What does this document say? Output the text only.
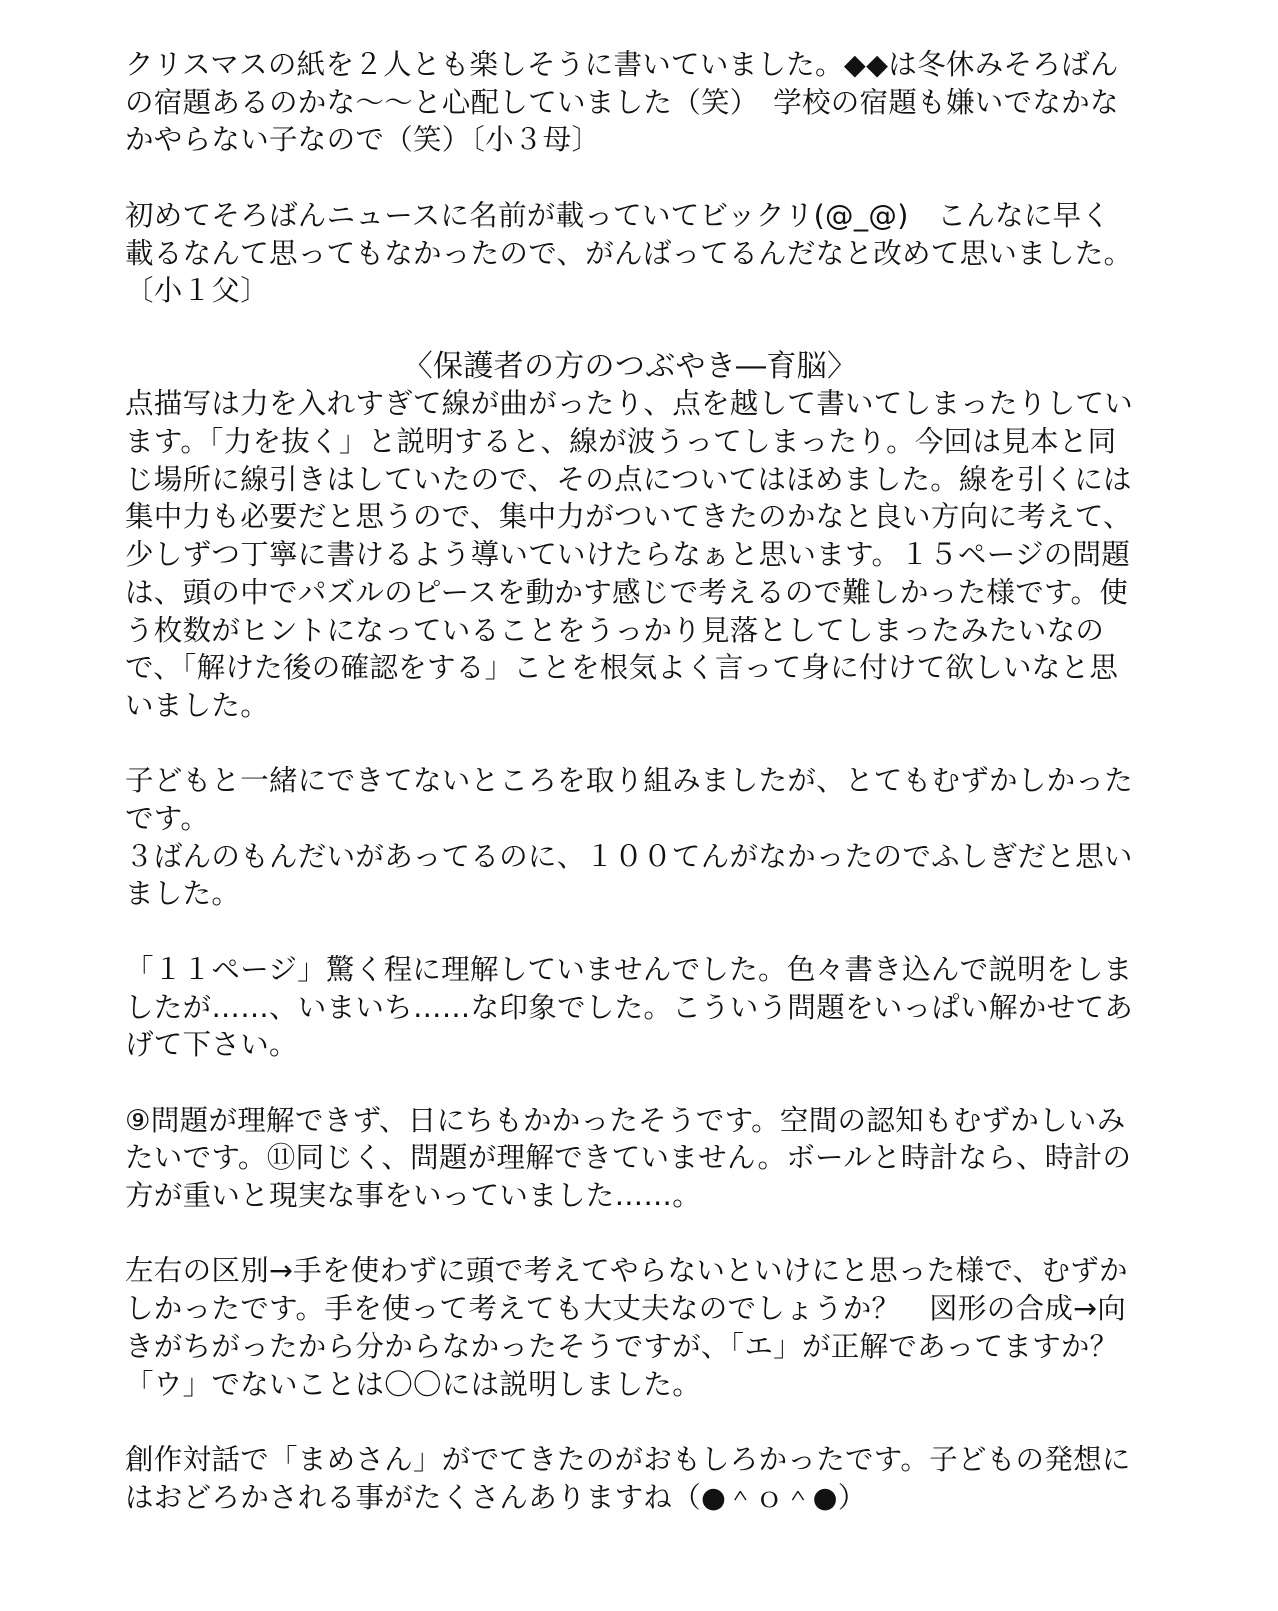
クリスマスの紙を２人とも楽しそうに書いていました。◆◆は冬休みそろばんの宿題あるのかな〜〜と心配していました（笑）　学校の宿題も嫌いでなかなかやらない子なので（笑）〔小３母〕

初めてそろばんニュースに名前が載っていてビックリ(@_@)　こんなに早く載るなんて思ってもなかったので、がんばってるんだなと改めて思いました。〔小１父〕

〈保護者の方のつぶやき―育脳〉

点描写は力を入れすぎて線が曲がったり、点を越して書いてしまったりしています。「力を抜く」と説明すると、線が波うってしまったり。今回は見本と同じ場所に線引きはしていたので、その点についてはほめました。線を引くには集中力も必要だと思うので、集中力がついてきたのかなと良い方向に考えて、少しずつ丁寧に書けるよう導いていけたらなぁと思います。１５ページの問題は、頭の中でパズルのピースを動かす感じで考えるので難しかった様です。使う枚数がヒントになっていることをうっかり見落としてしまったみたいなので、「解けた後の確認をする」ことを根気よく言って身に付けて欲しいなと思いました。

子どもと一緒にできてないところを取り組みましたが、とてもむずかしかったです。
３ばんのもんだいがあってるのに、１００てんがなかったのでふしぎだと思いました。

「１１ページ」驚く程に理解していませんでした。色々書き込んで説明をしましたが……、いまいち……な印象でした。こういう問題をいっぱい解かせてあげて下さい。

⑨問題が理解できず、日にちもかかったそうです。空間の認知もむずかしいみたいです。⑪同じく、問題が理解できていません。ボールと時計なら、時計の方が重いと現実な事をいっていました……。

左右の区別→手を使わずに頭で考えてやらないといけにと思った様で、むずかしかったです。手を使って考えても大丈夫なのでしょうか？　図形の合成→向きがちがったから分からなかったそうですが、「エ」が正解であってますか？「ウ」でないことは〇〇には説明しました。

創作対話で「まめさん」がでてきたのがおもしろかったです。子どもの発想にはおどろかされる事がたくさんありますね（●＾ｏ＾●）
